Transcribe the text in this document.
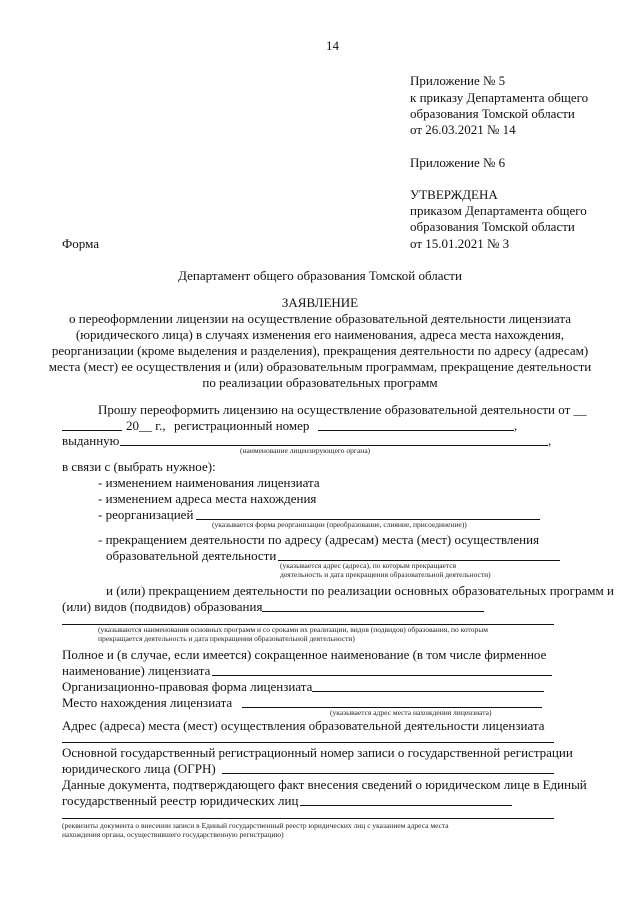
14
Приложение № 5
к приказу Департамента общего
образования Томской области
от 26.03.2021 № 14
Приложение № 6
УТВЕРЖДЕНА
приказом Департамента общего
образования Томской области
от 15.01.2021 № 3
Форма
Департамент общего образования Томской области
ЗАЯВЛЕНИЕ
о переоформлении лицензии на осуществление образовательной деятельности лицензиата
(юридического лица) в случаях изменения его наименования, адреса места нахождения,
реорганизации (кроме выделения и разделения), прекращения деятельности по адресу (адресам)
места (мест) ее осуществления и (или) образовательным программам, прекращение деятельности
по реализации образовательных программ
Прошу переоформить лицензию на осуществление образовательной деятельности от __
20__ г., регистрационный номер	,
выданную	,
(наименование лицензирующего органа)
в связи с (выбрать нужное):
- изменением наименования лицензиата
- изменением адреса места нахождения
- реорганизацией
(указывается форма реорганизации (преобразование, слияние, присоединение))
- прекращением деятельности по адресу (адресам) места (мест) осуществления
образовательной деятельности
(указывается адрес (адреса), по которым прекращается
деятельность и дата прекращения образовательной деятельности)
и (или) прекращением деятельности по реализации основных образовательных программ и
(или) видов (подвидов) образования
(указываются наименования основных программ и со сроками их реализации, видов (подвидов) образования, по которым
прекращается деятельность и дата прекращения образовательной деятельности)
Полное и (в случае, если имеется) сокращенное наименование (в том числе фирменное
наименование) лицензиата
Организационно-правовая форма лицензиата
Место нахождения лицензиата
(указывается адрес места нахождения лицензиата)
Адрес (адреса) места (мест) осуществления образовательной деятельности лицензиата
Основной государственный регистрационный номер записи о государственной регистрации
юридического лица (ОГРН)
Данные документа, подтверждающего факт внесения сведений о юридическом лице в Единый
государственный реестр юридических лиц
(реквизиты документа о внесении записи в Единый государственный реестр юридических лиц с указанием адреса места
нахождения органа, осуществившего государственную регистрацию)
